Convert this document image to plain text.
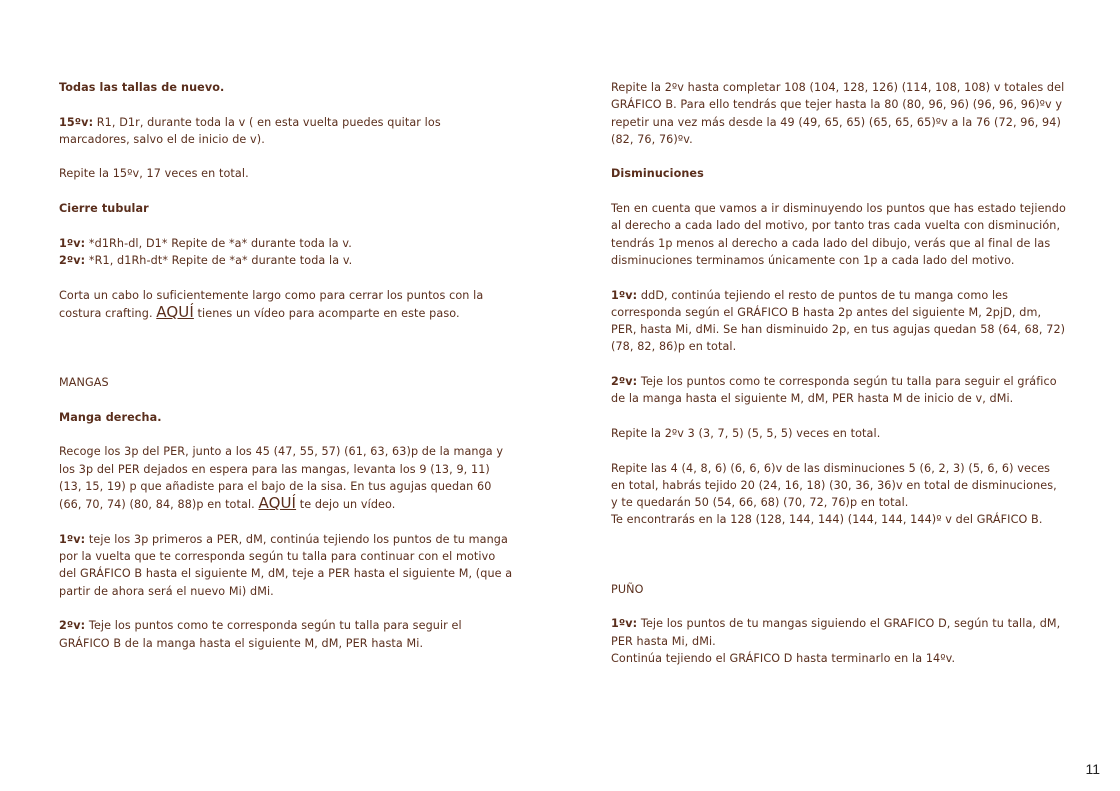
Todas las tallas de nuevo.

15ºv: R1, D1r, durante toda la v ( en esta vuelta puedes quitar los marcadores, salvo el de inicio de v).

Repite la 15ºv, 17 veces en total.

Cierre tubular

1ºv: *d1Rh-dl, D1* Repite de *a* durante toda la v.

2ºv: *R1, d1Rh-dt* Repite de *a* durante toda la v.

Corta un cabo lo suficientemente largo como para cerrar los puntos con la costura crafting. AQUÍ tienes un vídeo para acomparte en este paso.

MANGAS

Manga derecha.

Recoge los 3p del PER, junto a los 45 (47, 55, 57) (61, 63, 63)p de la manga y los 3p del PER dejados en espera para las mangas, levanta los 9 (13, 9, 11) (13, 15, 19) p que añadiste para el bajo de la sisa. En tus agujas quedan 60 (66, 70, 74) (80, 84, 88)p en total. AQUÍ te dejo un vídeo.

1ºv: teje los 3p primeros a PER, dM, continúa tejiendo los puntos de tu manga por la vuelta que te corresponda según tu talla para continuar con el motivo del GRÁFICO B hasta el siguiente M, dM, teje a PER hasta el siguiente M, (que a partir de ahora será el nuevo Mi) dMi.

2ºv: Teje los puntos como te corresponda según tu talla para seguir el GRÁFICO B de la manga hasta el siguiente M, dM, PER hasta Mi.

Repite la 2ºv hasta completar 108 (104, 128, 126) (114, 108, 108) v totales del GRÁFICO B. Para ello tendrás que tejer hasta la 80 (80, 96, 96) (96, 96, 96)ºv y repetir una vez más desde la 49 (49, 65, 65) (65, 65, 65)ºv a la 76 (72, 96, 94) (82, 76, 76)ºv.

Disminuciones

Ten en cuenta que vamos a ir disminuyendo los puntos que has estado tejiendo al derecho a cada lado del motivo, por tanto tras cada vuelta con disminución, tendrás 1p menos al derecho a cada lado del dibujo, verás que al final de las disminuciones terminamos únicamente con 1p a cada lado del motivo.

1ºv: ddD, continúa tejiendo el resto de puntos de tu manga como les corresponda según el GRÁFICO B hasta 2p antes del siguiente M, 2pjD, dm, PER, hasta Mi, dMi. Se han disminuido 2p, en tus agujas quedan 58 (64, 68, 72) (78, 82, 86)p en total.

2ºv: Teje los puntos como te corresponda según tu talla para seguir el gráfico de la manga hasta el siguiente M, dM, PER hasta M de inicio de v, dMi.

Repite la 2ºv 3 (3, 7, 5) (5, 5, 5) veces en total.

Repite las 4 (4, 8, 6) (6, 6, 6)v de las disminuciones 5 (6, 2, 3) (5, 6, 6) veces en total, habrás tejido 20 (24, 16, 18) (30, 36, 36)v en total de disminuciones, y te quedarán 50 (54, 66, 68) (70, 72, 76)p en total.

Te encontrarás en la 128 (128, 144, 144) (144, 144, 144)º v del GRÁFICO B.

PUÑO

1ºv: Teje los puntos de tu mangas siguiendo el GRAFICO D, según tu talla, dM, PER hasta Mi, dMi.

Continúa tejiendo el GRÁFICO D hasta terminarlo en la 14ºv.

11
